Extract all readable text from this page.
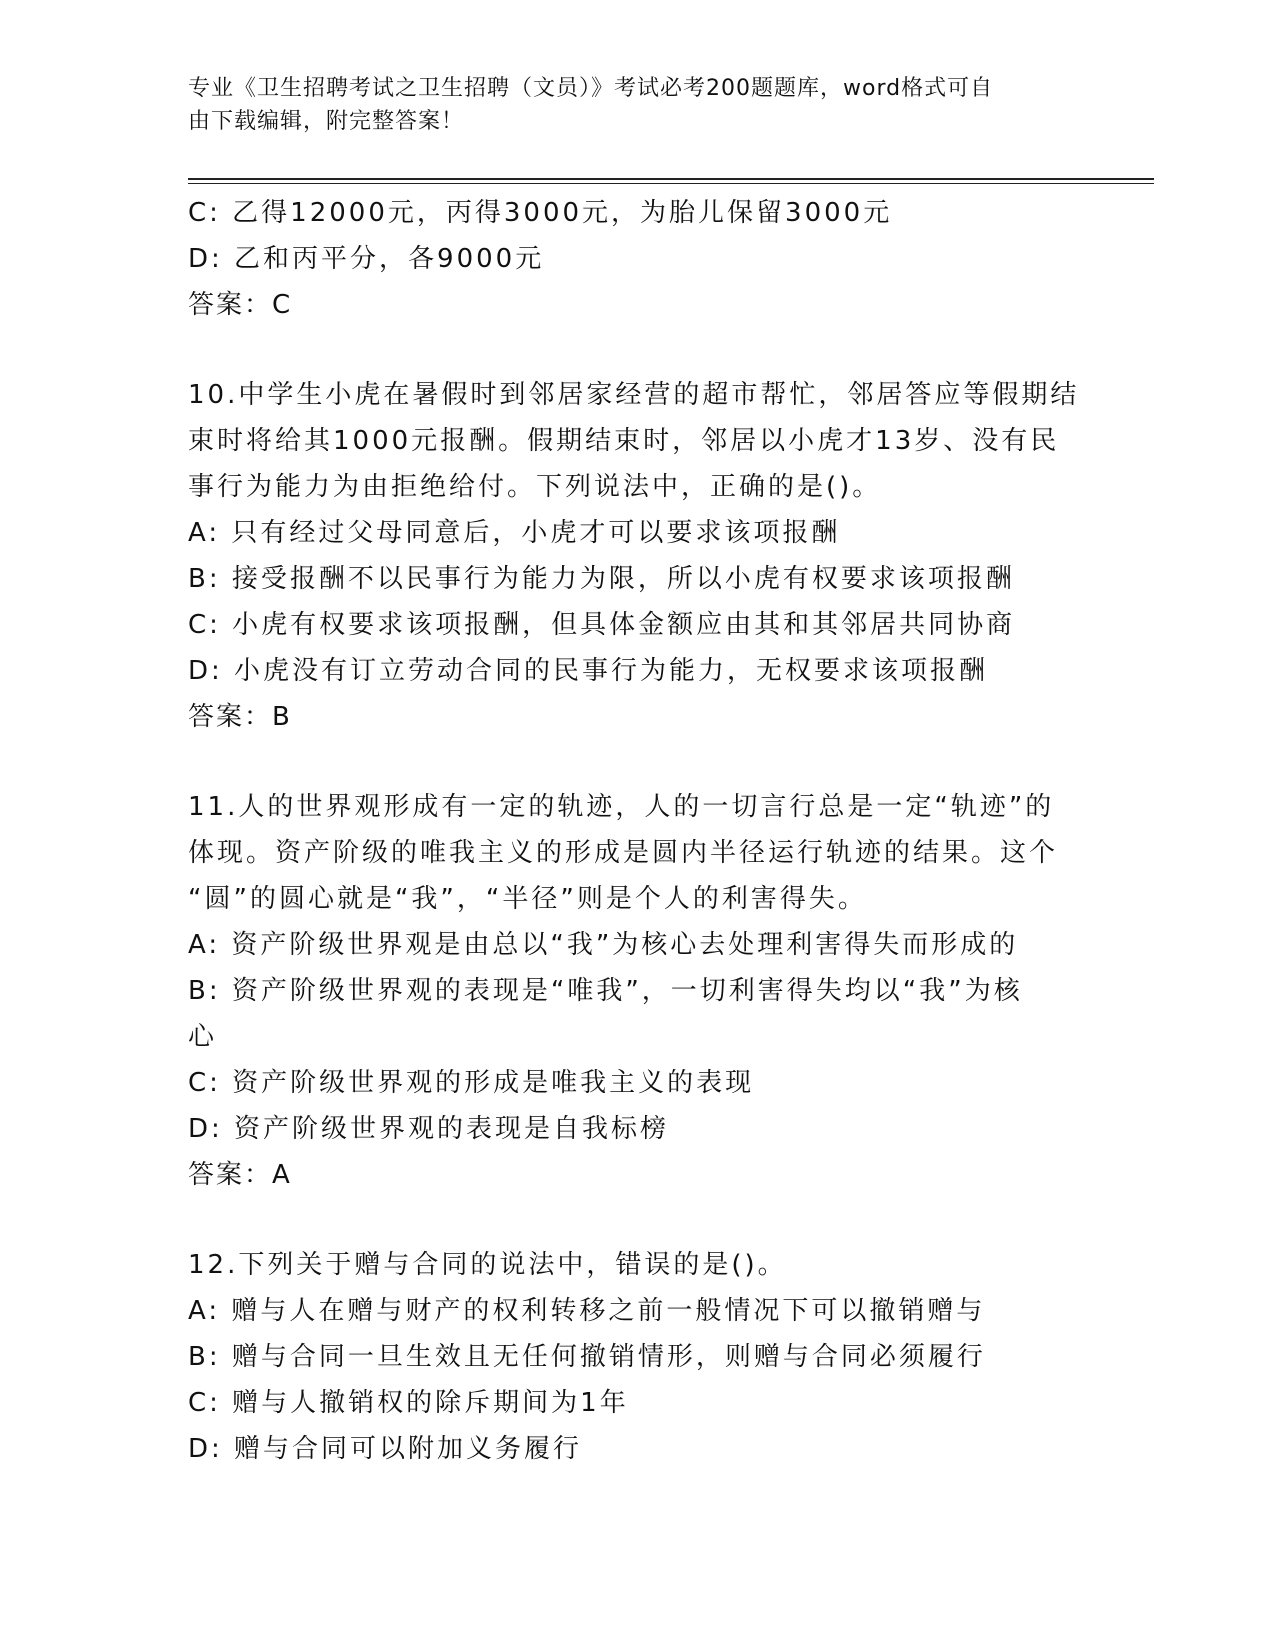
专业《卫生招聘考试之卫生招聘（文员）》考试必考200题题库，word格式可自
由下载编辑，附完整答案！
C: 乙得12000元，丙得3000元，为胎儿保留3000元
D: 乙和丙平分，各9000元
答案：C
10.中学生小虎在暑假时到邻居家经营的超市帮忙，邻居答应等假期结
束时将给其1000元报酬。假期结束时，邻居以小虎才13岁、没有民
事行为能力为由拒绝给付。下列说法中，正确的是()。
A: 只有经过父母同意后，小虎才可以要求该项报酬
B: 接受报酬不以民事行为能力为限，所以小虎有权要求该项报酬
C: 小虎有权要求该项报酬，但具体金额应由其和其邻居共同协商
D: 小虎没有订立劳动合同的民事行为能力，无权要求该项报酬
答案：B
11.人的世界观形成有一定的轨迹，人的一切言行总是一定“轨迹”的
体现。资产阶级的唯我主义的形成是圆内半径运行轨迹的结果。这个
“圆”的圆心就是“我”，“半径”则是个人的利害得失。
A: 资产阶级世界观是由总以“我”为核心去处理利害得失而形成的
B: 资产阶级世界观的表现是“唯我”，一切利害得失均以“我”为核
心
C: 资产阶级世界观的形成是唯我主义的表现
D: 资产阶级世界观的表现是自我标榜
答案：A
12.下列关于赠与合同的说法中，错误的是()。
A: 赠与人在赠与财产的权利转移之前一般情况下可以撤销赠与
B: 赠与合同一旦生效且无任何撤销情形，则赠与合同必须履行
C: 赠与人撤销权的除斥期间为1年
D: 赠与合同可以附加义务履行
